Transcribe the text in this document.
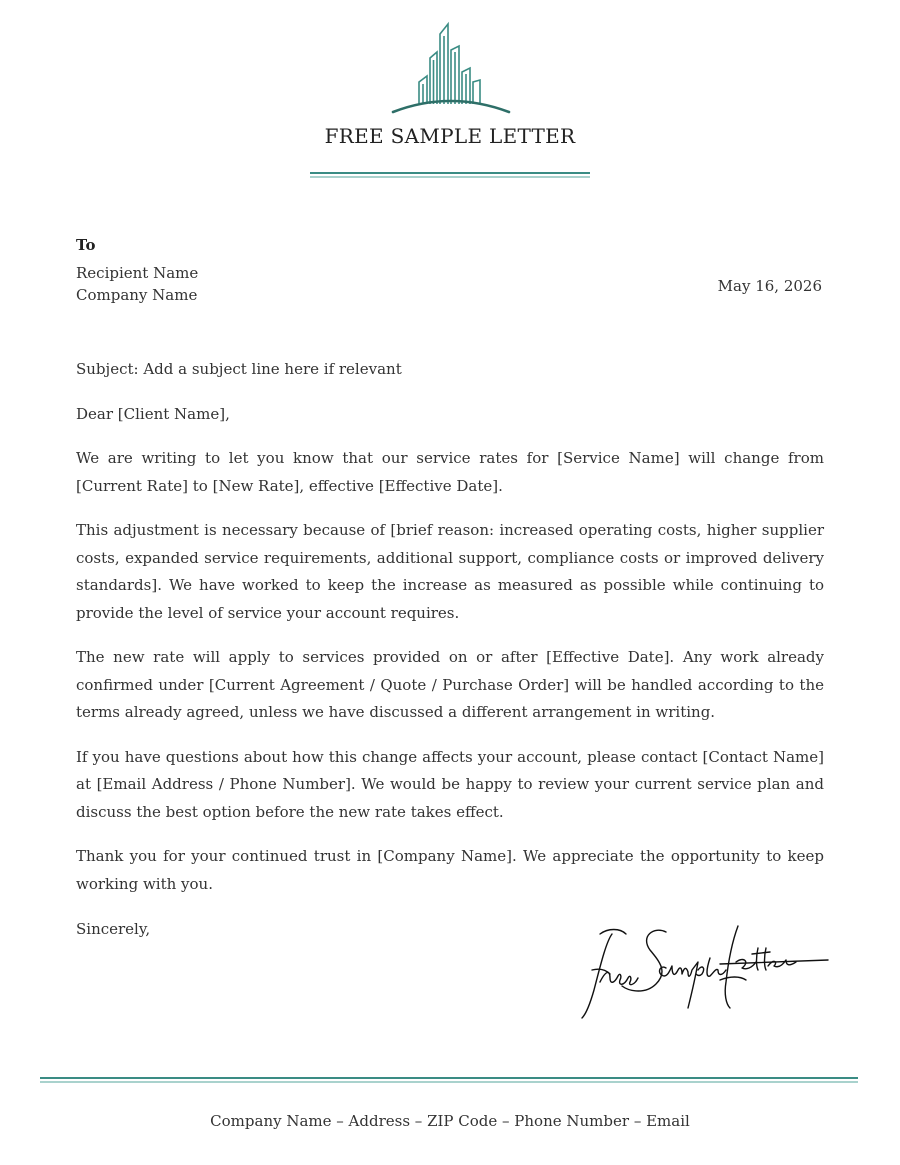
FREE SAMPLE LETTER
To
Recipient Name
Company Name	May 16, 2026

Subject: Add a subject line here if relevant

Dear [Client Name],

We are writing to let you know that our service rates for [Service Name] will change from [Current Rate] to [New Rate], effective [Effective Date].

This adjustment is necessary because of [brief reason: increased operating costs, higher supplier costs, expanded service requirements, additional support, compliance costs or improved delivery standards]. We have worked to keep the increase as measured as possible while continuing to provide the level of service your account requires.

The new rate will apply to services provided on or after [Effective Date]. Any work already confirmed under [Current Agreement / Quote / Purchase Order] will be handled according to the terms already agreed, unless we have discussed a different arrangement in writing.

If you have questions about how this change affects your account, please contact [Contact Name] at [Email Address / Phone Number]. We would be happy to review your current service plan and discuss the best option before the new rate takes effect.

Thank you for your continued trust in [Company Name]. We appreciate the opportunity to keep working with you.

Sincerely,
Company Name – Address – ZIP Code – Phone Number – Email
